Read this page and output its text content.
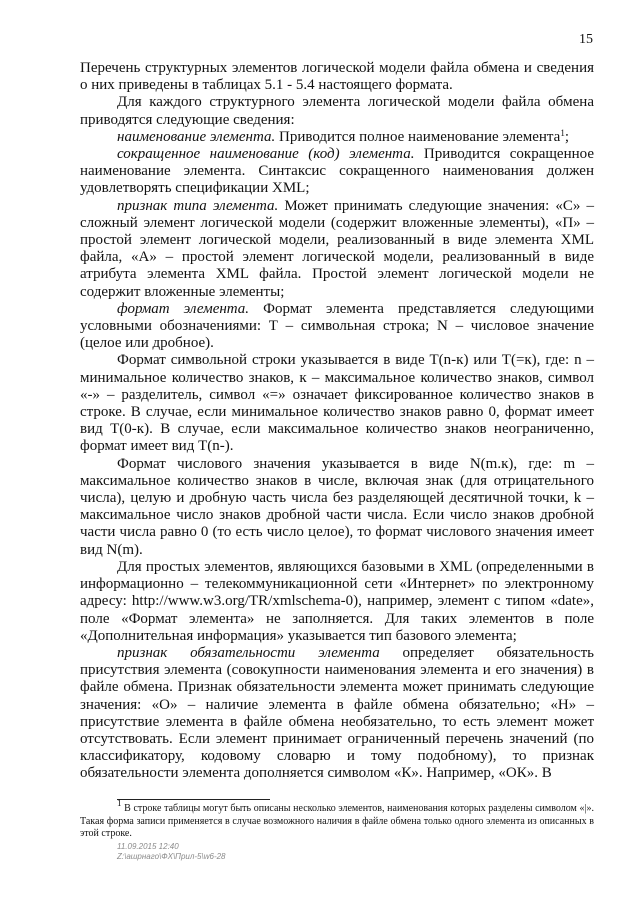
15

Перечень структурных элементов логической модели файла обмена и сведения о них приведены в таблицах 5.1 - 5.4 настоящего формата.

Для каждого структурного элемента логической модели файла обмена приводятся следующие сведения:

наименование элемента. Приводится полное наименование элемента$^1$;

сокращенное наименование (код) элемента. Приводится сокращенное наименование элемента. Синтаксис сокращенного наименования должен удовлетворять спецификации XML;

признак типа элемента. Может принимать следующие значения: «С» – сложный элемент логической модели (содержит вложенные элементы), «П» – простой элемент логической модели, реализованный в виде элемента XML файла, «А» – простой элемент логической модели, реализованный в виде атрибута элемента XML файла. Простой элемент логической модели не содержит вложенные элементы;

формат элемента. Формат элемента представляется следующими условными обозначениями: Т – символьная строка; N – числовое значение (целое или дробное).

Формат символьной строки указывается в виде Т(n-к) или Т(=к), где: n – минимальное количество знаков, к – максимальное количество знаков, символ «-» – разделитель, символ «=» означает фиксированное количество знаков в строке. В случае, если минимальное количество знаков равно 0, формат имеет вид Т(0-к). В случае, если максимальное количество знаков неограниченно, формат имеет вид Т(n-).

Формат числового значения указывается в виде N(m.к), где: m – максимальное количество знаков в числе, включая знак (для отрицательного числа), целую и дробную часть числа без разделяющей десятичной точки, k – максимальное число знаков дробной части числа. Если число знаков дробной части числа равно 0 (то есть число целое), то формат числового значения имеет вид N(m).

Для простых элементов, являющихся базовыми в XML (определенными в информационно – телекоммуникационной сети «Интернет» по электронному адресу: http://www.w3.org/TR/xmlschema-0), например, элемент с типом «date», поле «Формат элемента» не заполняется. Для таких элементов в поле «Дополнительная информация» указывается тип базового элемента;

признак обязательности элемента определяет обязательность присутствия элемента (совокупности наименования элемента и его значения) в файле обмена. Признак обязательности элемента может принимать следующие значения: «О» – наличие элемента в файле обмена обязательно; «Н» – присутствие элемента в файле обмена необязательно, то есть элемент может отсутствовать. Если элемент принимает ограниченный перечень значений (по классификатору, кодовому словарю и тому подобному), то признак обязательности элемента дополняется символом «К». Например, «ОК». В

$^1$ В строке таблицы могут быть описаны несколько элементов, наименования которых разделены символом «|». Такая форма записи применяется в случае возможного наличия в файле обмена только одного элемента из описанных в этой строке.

11.09.2015 12:40
Z:\ашрнаго\ФХ\Прил-5\w6-28
